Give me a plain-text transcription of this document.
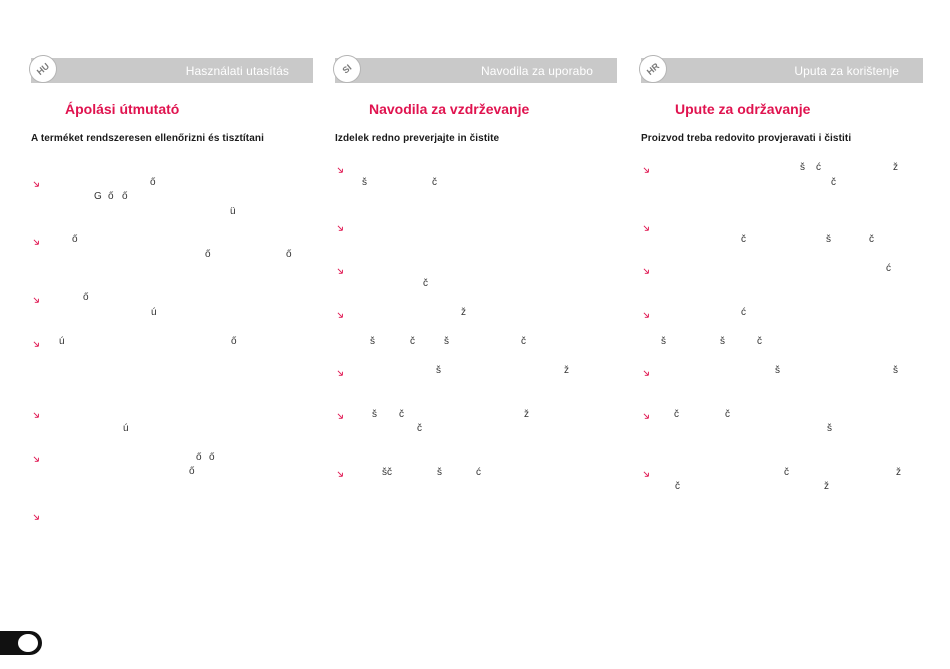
Használati utasítás
HU
Ápolási útmutató
A terméket rendszeresen ellenőrizni és tisztítani
ő
G ő ő
ü
ő
ő	ő
ő
ú
ú	ő
ú
ő ő
ő
Navodila za uporabo
SI
Navodila za vzdrževanje
Izdelek redno preverjajte in čistite
š	č
č
ž
š	č	š	č
š	ž
š č	ž
č
šč	š	ć
Uputa za korištenje
HR
Upute za održavanje
Proizvod treba redovito provjeravati i čistiti
š ć	ž
č
č	š	č
ć
ć
š	š	č
š	š
č	č
š
č	ž
č	ž
